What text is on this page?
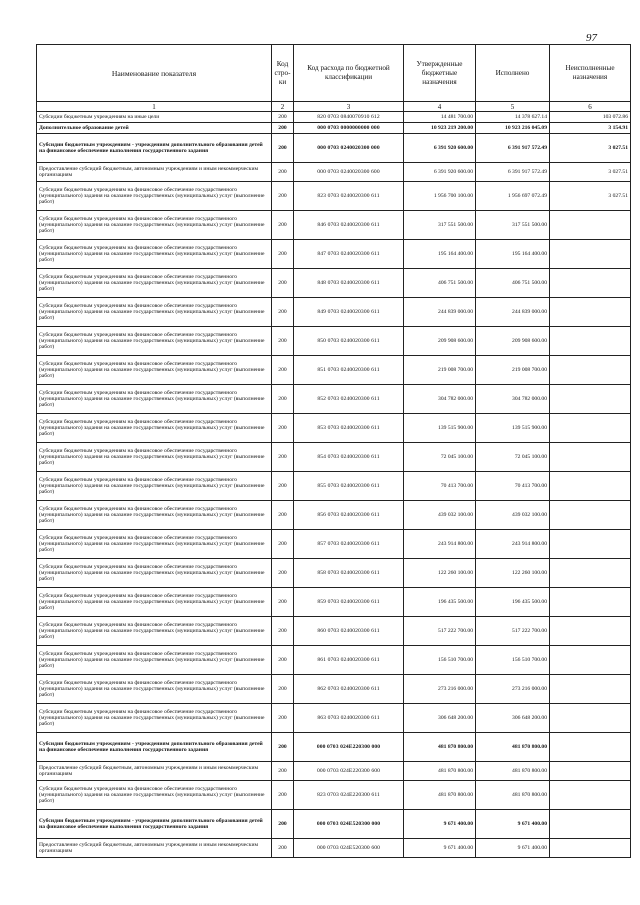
97
Наименование показателя	Код стро-ки	Код расхода по бюджетной классификации	Утвержденные бюджетные назначения	Исполнено	Неисполненные назначения
1	2	3	4	5	6
Субсидии бюджетным учреждениям на иные цели	200	820 0703 0840070910 612	14 481 700.00	14 378 627.14	103 072.86
Дополнительное образование детей	200	000 0703 0000000000 000	10 923 219 200.00	10 923 216 045.09	3 154.91
Субсидии бюджетным учреждениям - учреждениям дополнительного образования детей на финансовое обеспечение выполнения государственного задания	200	000 0703 0240020300 000	6 391 920 600.00	6 391 917 572.49	3 027.51
Предоставление субсидий бюджетным, автономным учреждениям и иным некоммерческим организациям	200	000 0703 0240020300 600	6 391 920 600.00	6 391 917 572.49	3 027.51
Субсидии бюджетным учреждениям на финансовое обеспечение государственного (муниципального) задания на оказание государственных (муниципальных) услуг (выполнение работ)	200	823 0703 0240020300 611	1 956 700 100.00	1 956 697 072.49	3 027.51
Субсидии бюджетным учреждениям на финансовое обеспечение государственного (муниципального) задания на оказание государственных (муниципальных) услуг (выполнение работ)	200	846 0703 0240020300 611	317 551 500.00	317 551 500.00	
Субсидии бюджетным учреждениям на финансовое обеспечение государственного (муниципального) задания на оказание государственных (муниципальных) услуг (выполнение работ)	200	847 0703 0240020300 611	195 164 400.00	195 164 400.00	
Субсидии бюджетным учреждениям на финансовое обеспечение государственного (муниципального) задания на оказание государственных (муниципальных) услуг (выполнение работ)	200	848 0703 0240020300 611	406 751 500.00	406 751 500.00	
Субсидии бюджетным учреждениям на финансовое обеспечение государственного (муниципального) задания на оказание государственных (муниципальных) услуг (выполнение работ)	200	849 0703 0240020300 611	244 839 000.00	244 839 000.00	
Субсидии бюджетным учреждениям на финансовое обеспечение государственного (муниципального) задания на оказание государственных (муниципальных) услуг (выполнение работ)	200	850 0703 0240020300 611	209 908 600.00	209 908 600.00	
Субсидии бюджетным учреждениям на финансовое обеспечение государственного (муниципального) задания на оказание государственных (муниципальных) услуг (выполнение работ)	200	851 0703 0240020300 611	219 008 700.00	219 008 700.00	
Субсидии бюджетным учреждениям на финансовое обеспечение государственного (муниципального) задания на оказание государственных (муниципальных) услуг (выполнение работ)	200	852 0703 0240020300 611	304 782 000.00	304 782 000.00	
Субсидии бюджетным учреждениям на финансовое обеспечение государственного (муниципального) задания на оказание государственных (муниципальных) услуг (выполнение работ)	200	853 0703 0240020300 611	139 515 900.00	139 515 900.00	
Субсидии бюджетным учреждениям на финансовое обеспечение государственного (муниципального) задания на оказание государственных (муниципальных) услуг (выполнение работ)	200	854 0703 0240020300 611	72 045 100.00	72 045 100.00	
Субсидии бюджетным учреждениям на финансовое обеспечение государственного (муниципального) задания на оказание государственных (муниципальных) услуг (выполнение работ)	200	855 0703 0240020300 611	70 413 700.00	70 413 700.00	
Субсидии бюджетным учреждениям на финансовое обеспечение государственного (муниципального) задания на оказание государственных (муниципальных) услуг (выполнение работ)	200	856 0703 0240020300 611	439 032 100.00	439 032 100.00	
Субсидии бюджетным учреждениям на финансовое обеспечение государственного (муниципального) задания на оказание государственных (муниципальных) услуг (выполнение работ)	200	857 0703 0240020300 611	243 914 800.00	243 914 800.00	
Субсидии бюджетным учреждениям на финансовое обеспечение государственного (муниципального) задания на оказание государственных (муниципальных) услуг (выполнение работ)	200	858 0703 0240020300 611	122 260 100.00	122 260 100.00	
Субсидии бюджетным учреждениям на финансовое обеспечение государственного (муниципального) задания на оказание государственных (муниципальных) услуг (выполнение работ)	200	859 0703 0240020300 611	196 435 500.00	196 435 500.00	
Субсидии бюджетным учреждениям на финансовое обеспечение государственного (муниципального) задания на оказание государственных (муниципальных) услуг (выполнение работ)	200	860 0703 0240020300 611	517 222 700.00	517 222 700.00	
Субсидии бюджетным учреждениям на финансовое обеспечение государственного (муниципального) задания на оказание государственных (муниципальных) услуг (выполнение работ)	200	861 0703 0240020300 611	156 510 700.00	156 510 700.00	
Субсидии бюджетным учреждениям на финансовое обеспечение государственного (муниципального) задания на оказание государственных (муниципальных) услуг (выполнение работ)	200	862 0703 0240020300 611	273 216 000.00	273 216 000.00	
Субсидии бюджетным учреждениям на финансовое обеспечение государственного (муниципального) задания на оказание государственных (муниципальных) услуг (выполнение работ)	200	863 0703 0240020300 611	306 648 200.00	306 648 200.00	
Субсидии бюджетным учреждениям - учреждениям дополнительного образования детей на финансовое обеспечение выполнения государственного задания	200	000 0703 024E220300 000	481 870 800.00	481 870 800.00	
Предоставление субсидий бюджетным, автономным учреждениям и иным некоммерческим организациям	200	000 0703 024E220300 600	481 870 800.00	481 870 800.00	
Субсидии бюджетным учреждениям на финансовое обеспечение государственного (муниципального) задания на оказание государственных (муниципальных) услуг (выполнение работ)	200	823 0703 024E220300 611	481 870 800.00	481 870 800.00	
Субсидии бюджетным учреждениям - учреждениям дополнительного образования детей на финансовое обеспечение выполнения государственного задания	200	000 0703 024E520300 000	9 671 400.00	9 671 400.00	
Предоставление субсидий бюджетным, автономным учреждениям и иным некоммерческим организациям	200	000 0703 024E520300 600	9 671 400.00	9 671 400.00	
